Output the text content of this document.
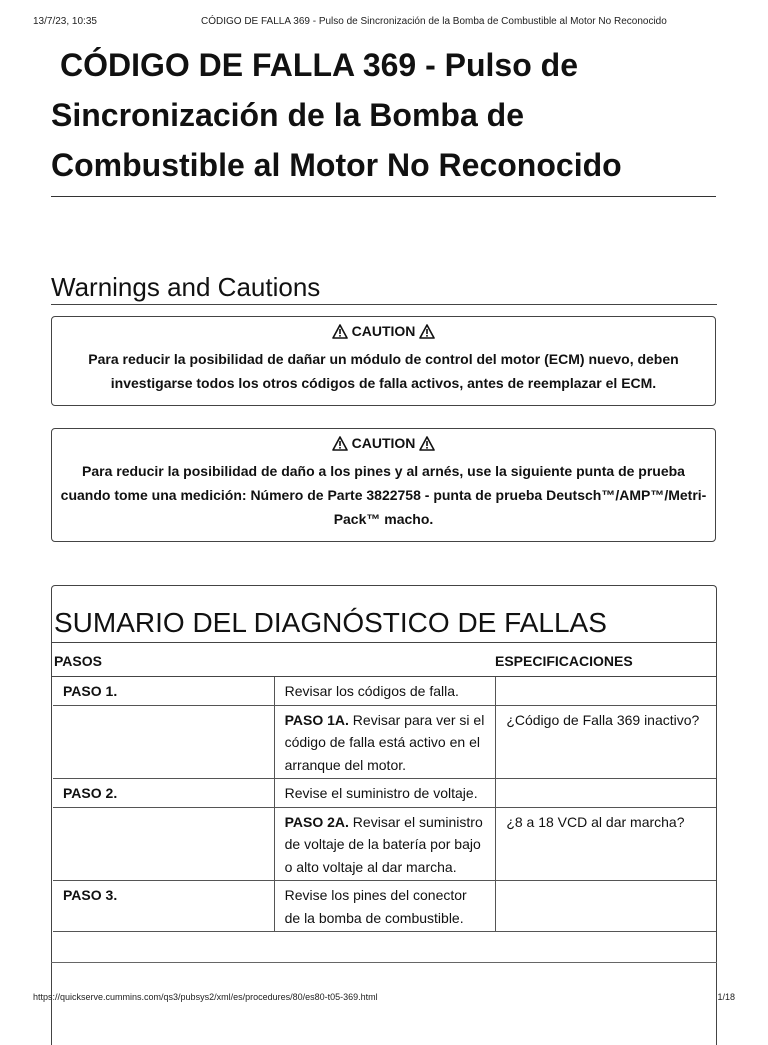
13/7/23, 10:35	CÓDIGO DE FALLA 369 - Pulso de Sincronización de la Bomba de Combustible al Motor No Reconocido
CÓDIGO DE FALLA 369 - Pulso de
Sincronización de la Bomba de
Combustible al Motor No Reconocido
Warnings and Cautions
CAUTION
Para reducir la posibilidad de dañar un módulo de control del motor (ECM) nuevo, deben investigarse todos los otros códigos de falla activos, antes de reemplazar el ECM.
CAUTION
Para reducir la posibilidad de daño a los pines y al arnés, use la siguiente punta de prueba cuando tome una medición: Número de Parte 3822758 - punta de prueba Deutsch™/AMP™/Metri-Pack™ macho.
SUMARIO DEL DIAGNÓSTICO DE FALLAS
PASOS	ESPECIFICACIONES
PASO 1.	Revisar los códigos de falla.	
	PASO 1A. Revisar para ver si el código de falla está activo en el arranque del motor.	¿Código de Falla 369 inactivo?
PASO 2.	Revise el suministro de voltaje.	
	PASO 2A. Revisar el suministro de voltaje de la batería por bajo o alto voltaje al dar marcha.	¿8 a 18 VCD al dar marcha?
PASO 3.	Revise los pines del conector de la bomba de combustible.	
https://quickserve.cummins.com/qs3/pubsys2/xml/es/procedures/80/es80-t05-369.html	1/18
